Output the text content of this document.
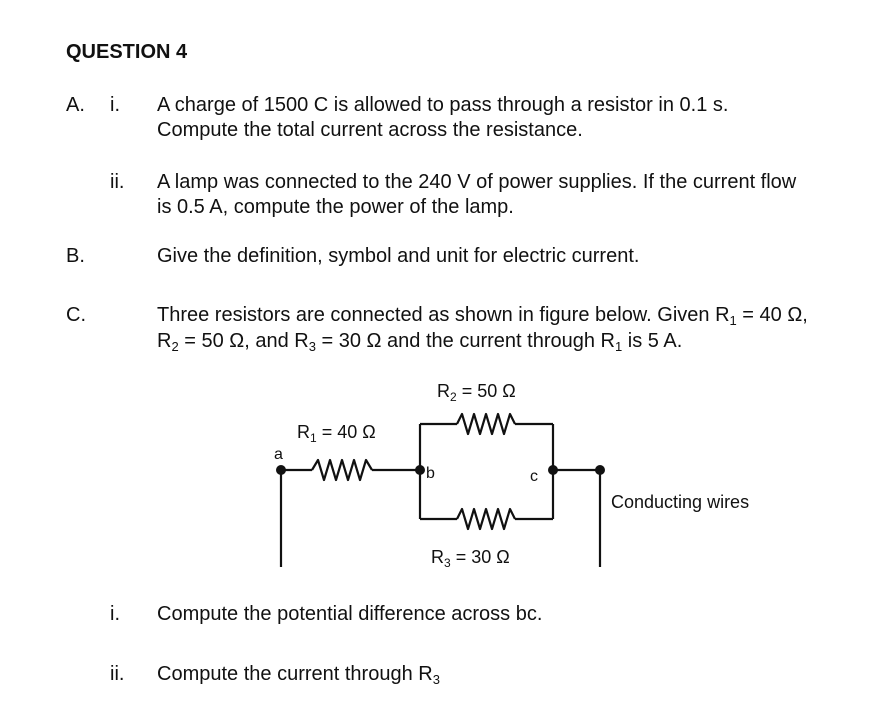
QUESTION 4
A. i. A charge of 1500 C is allowed to pass through a resistor in 0.1 s.
Compute the total current across the resistance.
ii. A lamp was connected to the 240 V of power supplies. If the current flow
is 0.5 A, compute the power of the lamp.
B.	Give the definition, symbol and unit for electric current.
C.	Three resistors are connected as shown in figure below. Given $R_1 = 40$ Ω,
$R_2 = 50$ Ω, and $R_3 = 30$ Ω and the current through $R_1$ is 5 A.
a
b	c
$R_1 = 40$ Ω
$R_2 = 50$ Ω
$R_3 = 30$ Ω
Conducting wires
i. Compute the potential difference across bc.
ii. Compute the current through $R_3$
